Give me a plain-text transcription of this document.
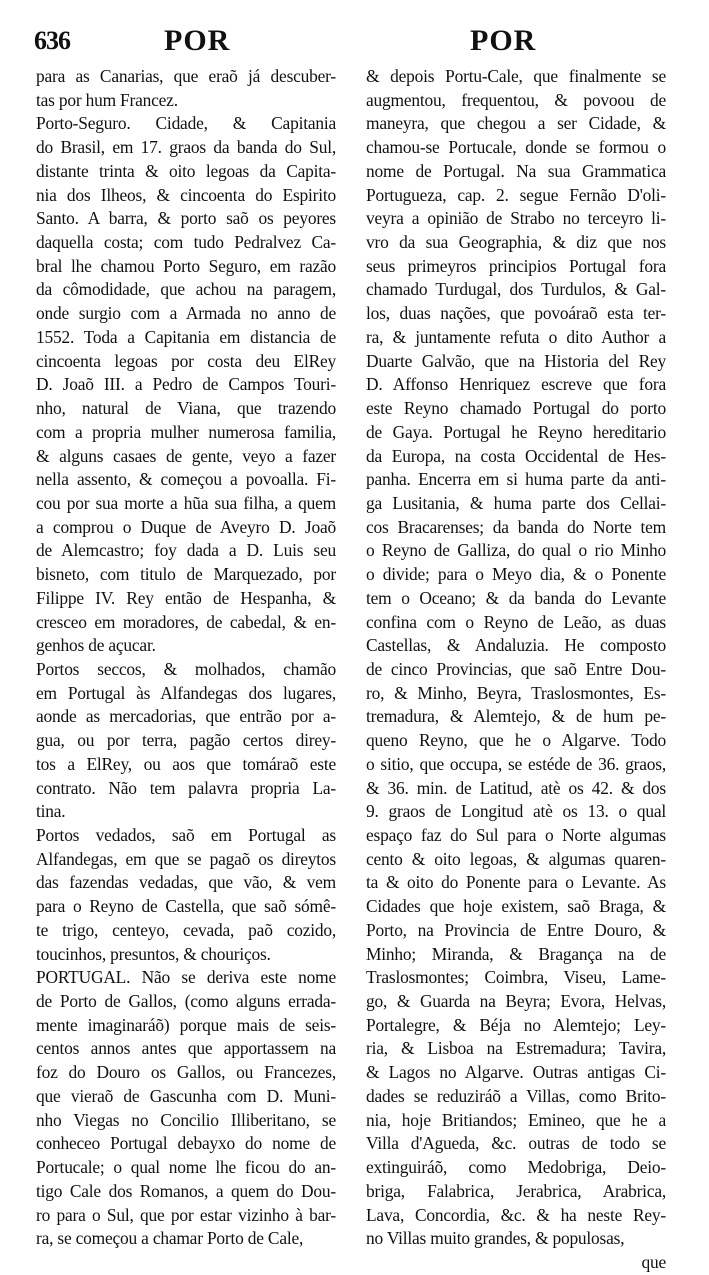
636	POR	POR
para as Canarias, que eraõ já descuber-
tas por hum Francez.
Porto-Seguro. Cidade, & Capitania
do Brasil, em 17. graos da banda do Sul,
distante trinta & oito legoas da Capita-
nia dos Ilheos, & cincoenta do Espirito
Santo. A barra, & porto saõ os peyores
daquella costa; com tudo Pedralvez Ca-
bral lhe chamou Porto Seguro, em razão
da cômodidade, que achou na paragem,
onde surgio com a Armada no anno de
1552. Toda a Capitania em distancia de
cincoenta legoas por costa deu ElRey
D. Joaõ III. a Pedro de Campos Touri-
nho, natural de Viana, que trazendo
com a propria mulher numerosa familia,
& alguns casaes de gente, veyo a fazer
nella assento, & começou a povoalla. Fi-
cou por sua morte a hũa sua filha, a quem
a comprou o Duque de Aveyro D. Joaõ
de Alemcastro; foy dada a D. Luis seu
bisneto, com titulo de Marquezado, por
Filippe IV. Rey então de Hespanha, &
cresceo em moradores, de cabedal, & en-
genhos de açucar.
Portos seccos, & molhados, chamão
em Portugal às Alfandegas dos lugares,
aonde as mercadorias, que entrão por a-
gua, ou por terra, pagão certos direy-
tos a ElRey, ou aos que tomáraõ este
contrato. Não tem palavra propria La-
tina.
Portos vedados, saõ em Portugal as
Alfandegas, em que se pagaõ os direytos
das fazendas vedadas, que vão, & vem
para o Reyno de Castella, que saõ sómê-
te trigo, centeyo, cevada, paõ cozido,
toucinhos, presuntos, & chouriços.
PORTUGAL. Não se deriva este nome
de Porto de Gallos, (como alguns errada-
mente imaginaráõ) porque mais de seis-
centos annos antes que apportassem na
foz do Douro os Gallos, ou Francezes,
que vieraõ de Gascunha com D. Muni-
nho Viegas no Concilio Illiberitano, se
conheceo Portugal debayxo do nome de
Portucale; o qual nome lhe ficou do an-
tigo Cale dos Romanos, a quem do Dou-
ro para o Sul, que por estar vizinho à bar-
ra, se começou a chamar Porto de Cale,
& depois Portu-Cale, que finalmente se
augmentou, frequentou, & povoou de
maneyra, que chegou a ser Cidade, &
chamou-se Portucale, donde se formou o
nome de Portugal. Na sua Grammatica
Portugueza, cap. 2. segue Fernão D'oli-
veyra a opinião de Strabo no terceyro li-
vro da sua Geographia, & diz que nos
seus primeyros principios Portugal fora
chamado Turdugal, dos Turdulos, & Gal-
los, duas nações, que povoáraõ esta ter-
ra, & juntamente refuta o dito Author a
Duarte Galvão, que na Historia del Rey
D. Affonso Henriquez escreve que fora
este Reyno chamado Portugal do porto
de Gaya. Portugal he Reyno hereditario
da Europa, na costa Occidental de Hes-
panha. Encerra em si huma parte da anti-
ga Lusitania, & huma parte dos Cellai-
cos Bracarenses; da banda do Norte tem
o Reyno de Galliza, do qual o rio Minho
o divide; para o Meyo dia, & o Ponente
tem o Oceano; & da banda do Levante
confina com o Reyno de Leão, as duas
Castellas, & Andaluzia. He composto
de cinco Provincias, que saõ Entre Dou-
ro, & Minho, Beyra, Traslosmontes, Es-
tremadura, & Alemtejo, & de hum pe-
queno Reyno, que he o Algarve. Todo
o sitio, que occupa, se estéde de 36. graos,
& 36. min. de Latitud, atè os 42. & dos
9. graos de Longitud atè os 13. o qual
espaço faz do Sul para o Norte algumas
cento & oito legoas, & algumas quaren-
ta & oito do Ponente para o Levante. As
Cidades que hoje existem, saõ Braga, &
Porto, na Provincia de Entre Douro, &
Minho; Miranda, & Bragança na de
Traslosmontes; Coimbra, Viseu, Lame-
go, & Guarda na Beyra; Evora, Helvas,
Portalegre, & Béja no Alemtejo; Ley-
ria, & Lisboa na Estremadura; Tavira,
& Lagos no Algarve. Outras antigas Ci-
dades se reduziráõ a Villas, como Brito-
nia, hoje Britiandos; Emineo, que he a
Villa d'Agueda, &c. outras de todo se
extinguiráõ, como Medobriga, Deio-
briga, Falabrica, Jerabrica, Arabrica,
Lava, Concordia, &c. & ha neste Rey-
no Villas muito grandes, & populosas,
que
